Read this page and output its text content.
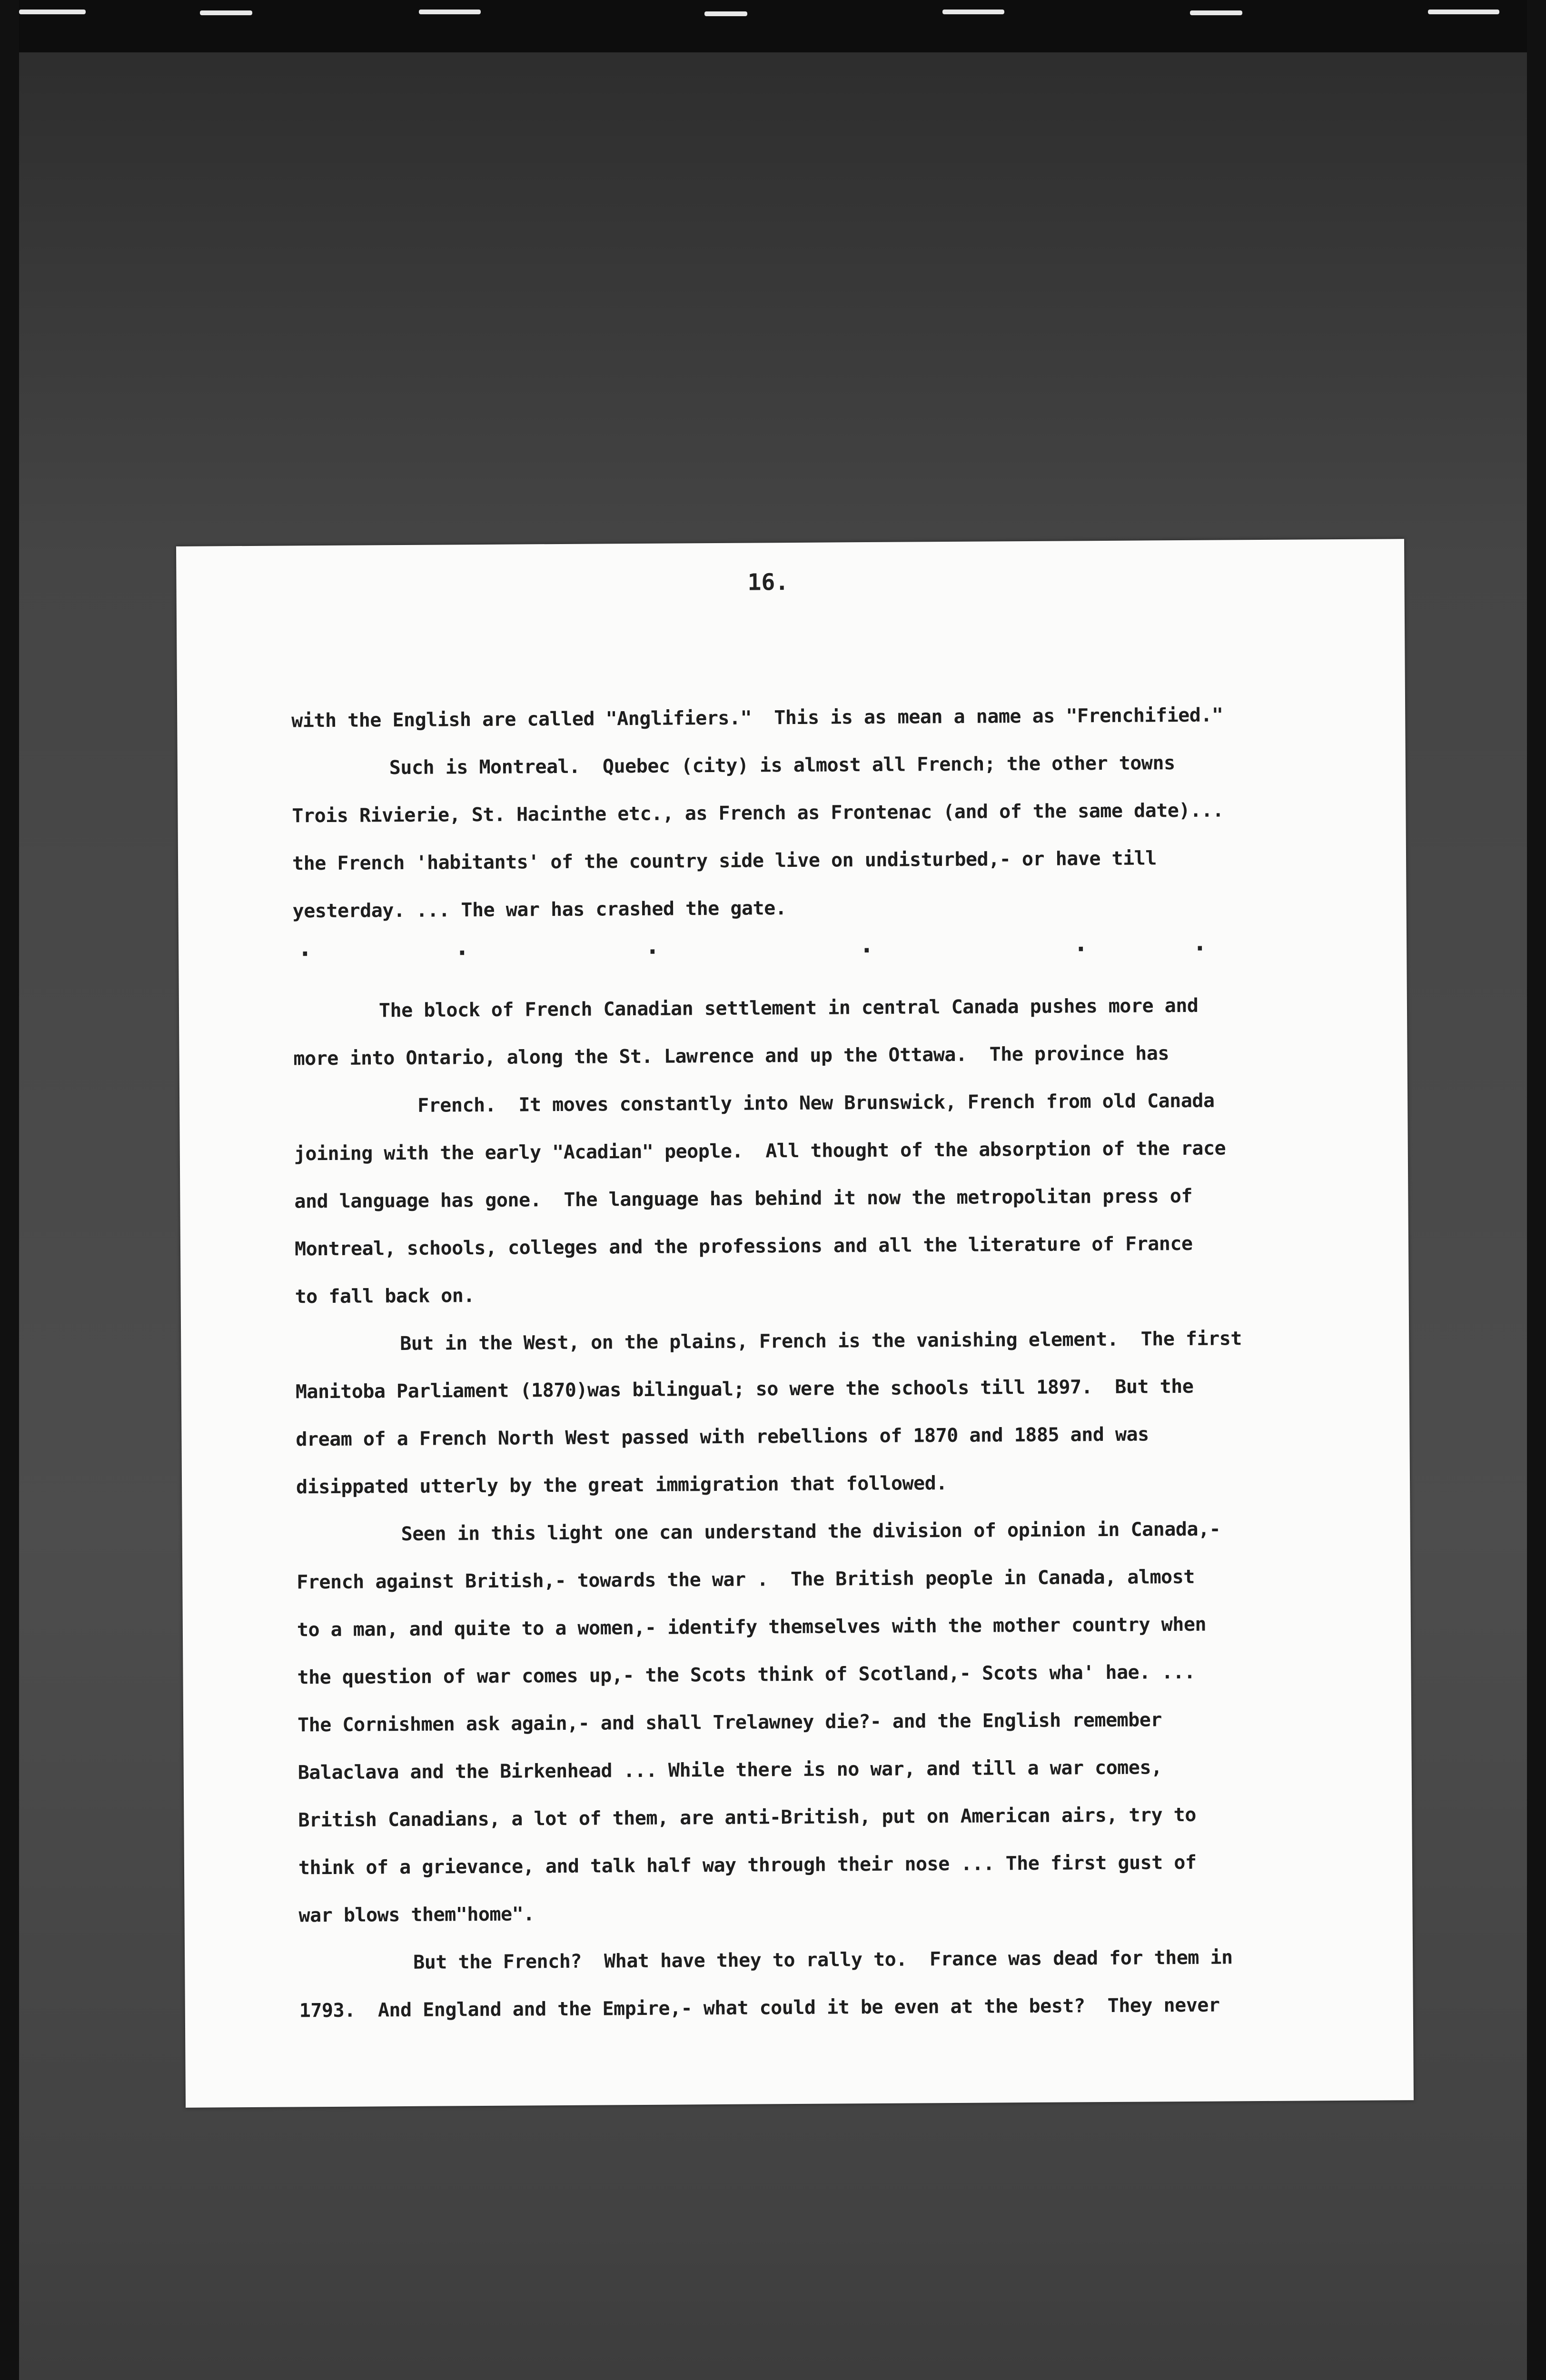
16.
with the English are called "Anglifiers."  This is as mean a name as "Frenchified."
Such is Montreal.  Quebec (city) is almost all French; the other towns
Trois Rivierie, St. Hacinthe etc., as French as Frontenac (and of the same date)...
the French 'habitants' of the country side live on undisturbed,- or have till
yesterday. ... The war has crashed the gate.
.	.	.	.	.	.
The block of French Canadian settlement in central Canada pushes more and
more into Ontario, along the St. Lawrence and up the Ottawa.  The province has
French.  It moves constantly into New Brunswick, French from old Canada
joining with the early "Acadian" people.  All thought of the absorption of the race
and language has gone.  The language has behind it now the metropolitan press of
Montreal, schools, colleges and the professions and all the literature of France
to fall back on.
But in the West, on the plains, French is the vanishing element.  The first
Manitoba Parliament (1870)was bilingual; so were the schools till 1897.  But the
dream of a French North West passed with rebellions of 1870 and 1885 and was
disippated utterly by the great immigration that followed.
Seen in this light one can understand the division of opinion in Canada,-
French against British,- towards the war .  The British people in Canada, almost
to a man, and quite to a women,- identify themselves with the mother country when
the question of war comes up,- the Scots think of Scotland,- Scots wha' hae. ...
The Cornishmen ask again,- and shall Trelawney die?- and the English remember
Balaclava and the Birkenhead ... While there is no war, and till a war comes,
British Canadians, a lot of them, are anti-British, put on American airs, try to
think of a grievance, and talk half way through their nose ... The first gust of
war blows them"home".
But the French?  What have they to rally to.  France was dead for them in
1793.  And England and the Empire,- what could it be even at the best?  They never
